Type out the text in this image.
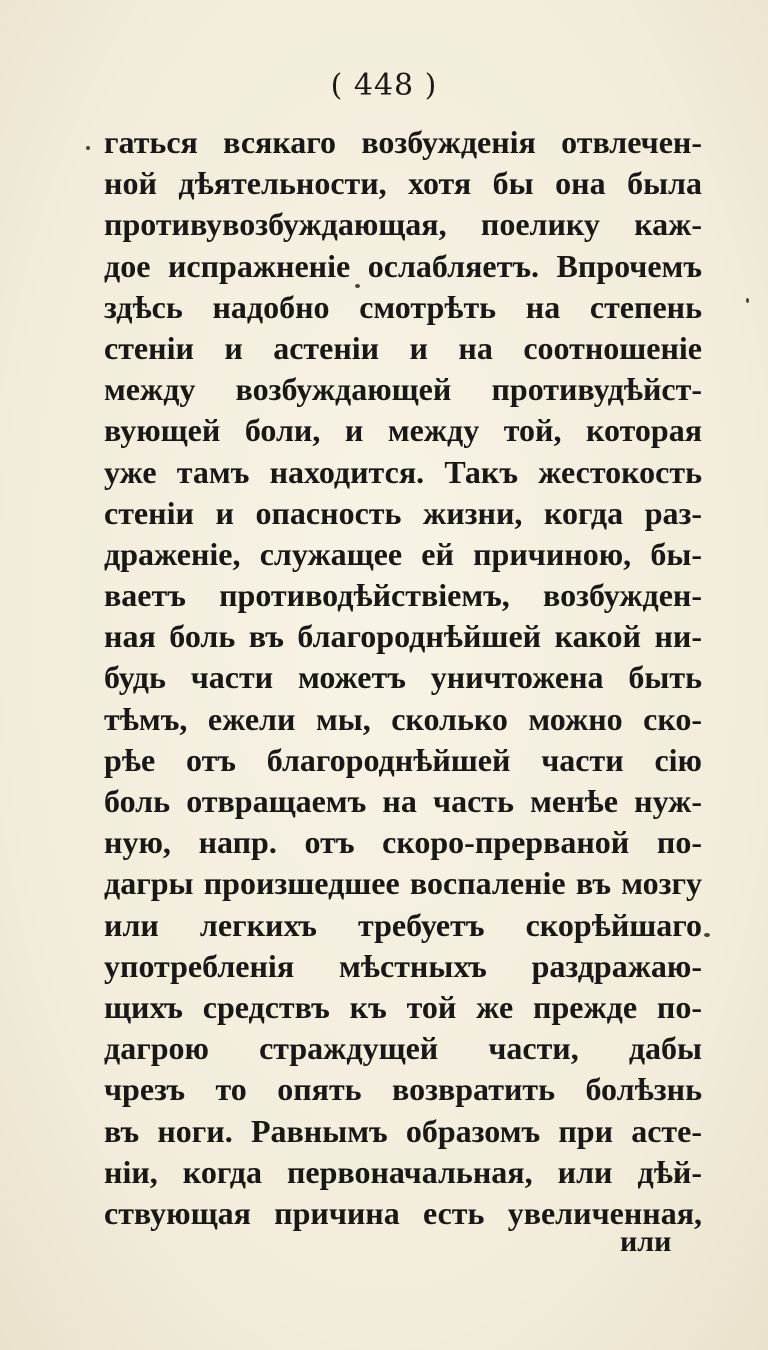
( 448 )
гаться всякаго возбужденія отвлечен-
ной дѣятельности, хотя бы она была
противувозбуждающая, поелику каж-
дое испражненіе ослабляетъ. Впрочемъ
здѣсь надобно смотрѣть на степень
стеніи и астеніи и на соотношеніе
между возбуждающей противудѣйст-
вующей боли, и между той, которая
уже тамъ находится. Такъ жестокость
стеніи и опасность жизни, когда раз-
драженіе, служащее ей причиною, бы-
ваетъ противодѣйствіемъ, возбужден-
ная боль въ благороднѣйшей какой ни-
будь части можетъ уничтожена быть
тѣмъ, ежели мы, сколько можно ско-
рѣе отъ благороднѣйшей части сію
боль отвращаемъ на часть менѣе нуж-
ную, напр. отъ скоро-прерваной по-
дагры произшедшее воспаленіе въ мозгу
или легкихъ требуетъ скорѣйшаго
употребленія мѣстныхъ раздражаю-
щихъ средствъ къ той же прежде по-
дагрою страждущей части, дабы
чрезъ то опять возвратить болѣзнь
въ ноги. Равнымъ образомъ при асте-
ніи, когда первоначальная, или дѣй-
ствующая причина есть увеличенная,
или
